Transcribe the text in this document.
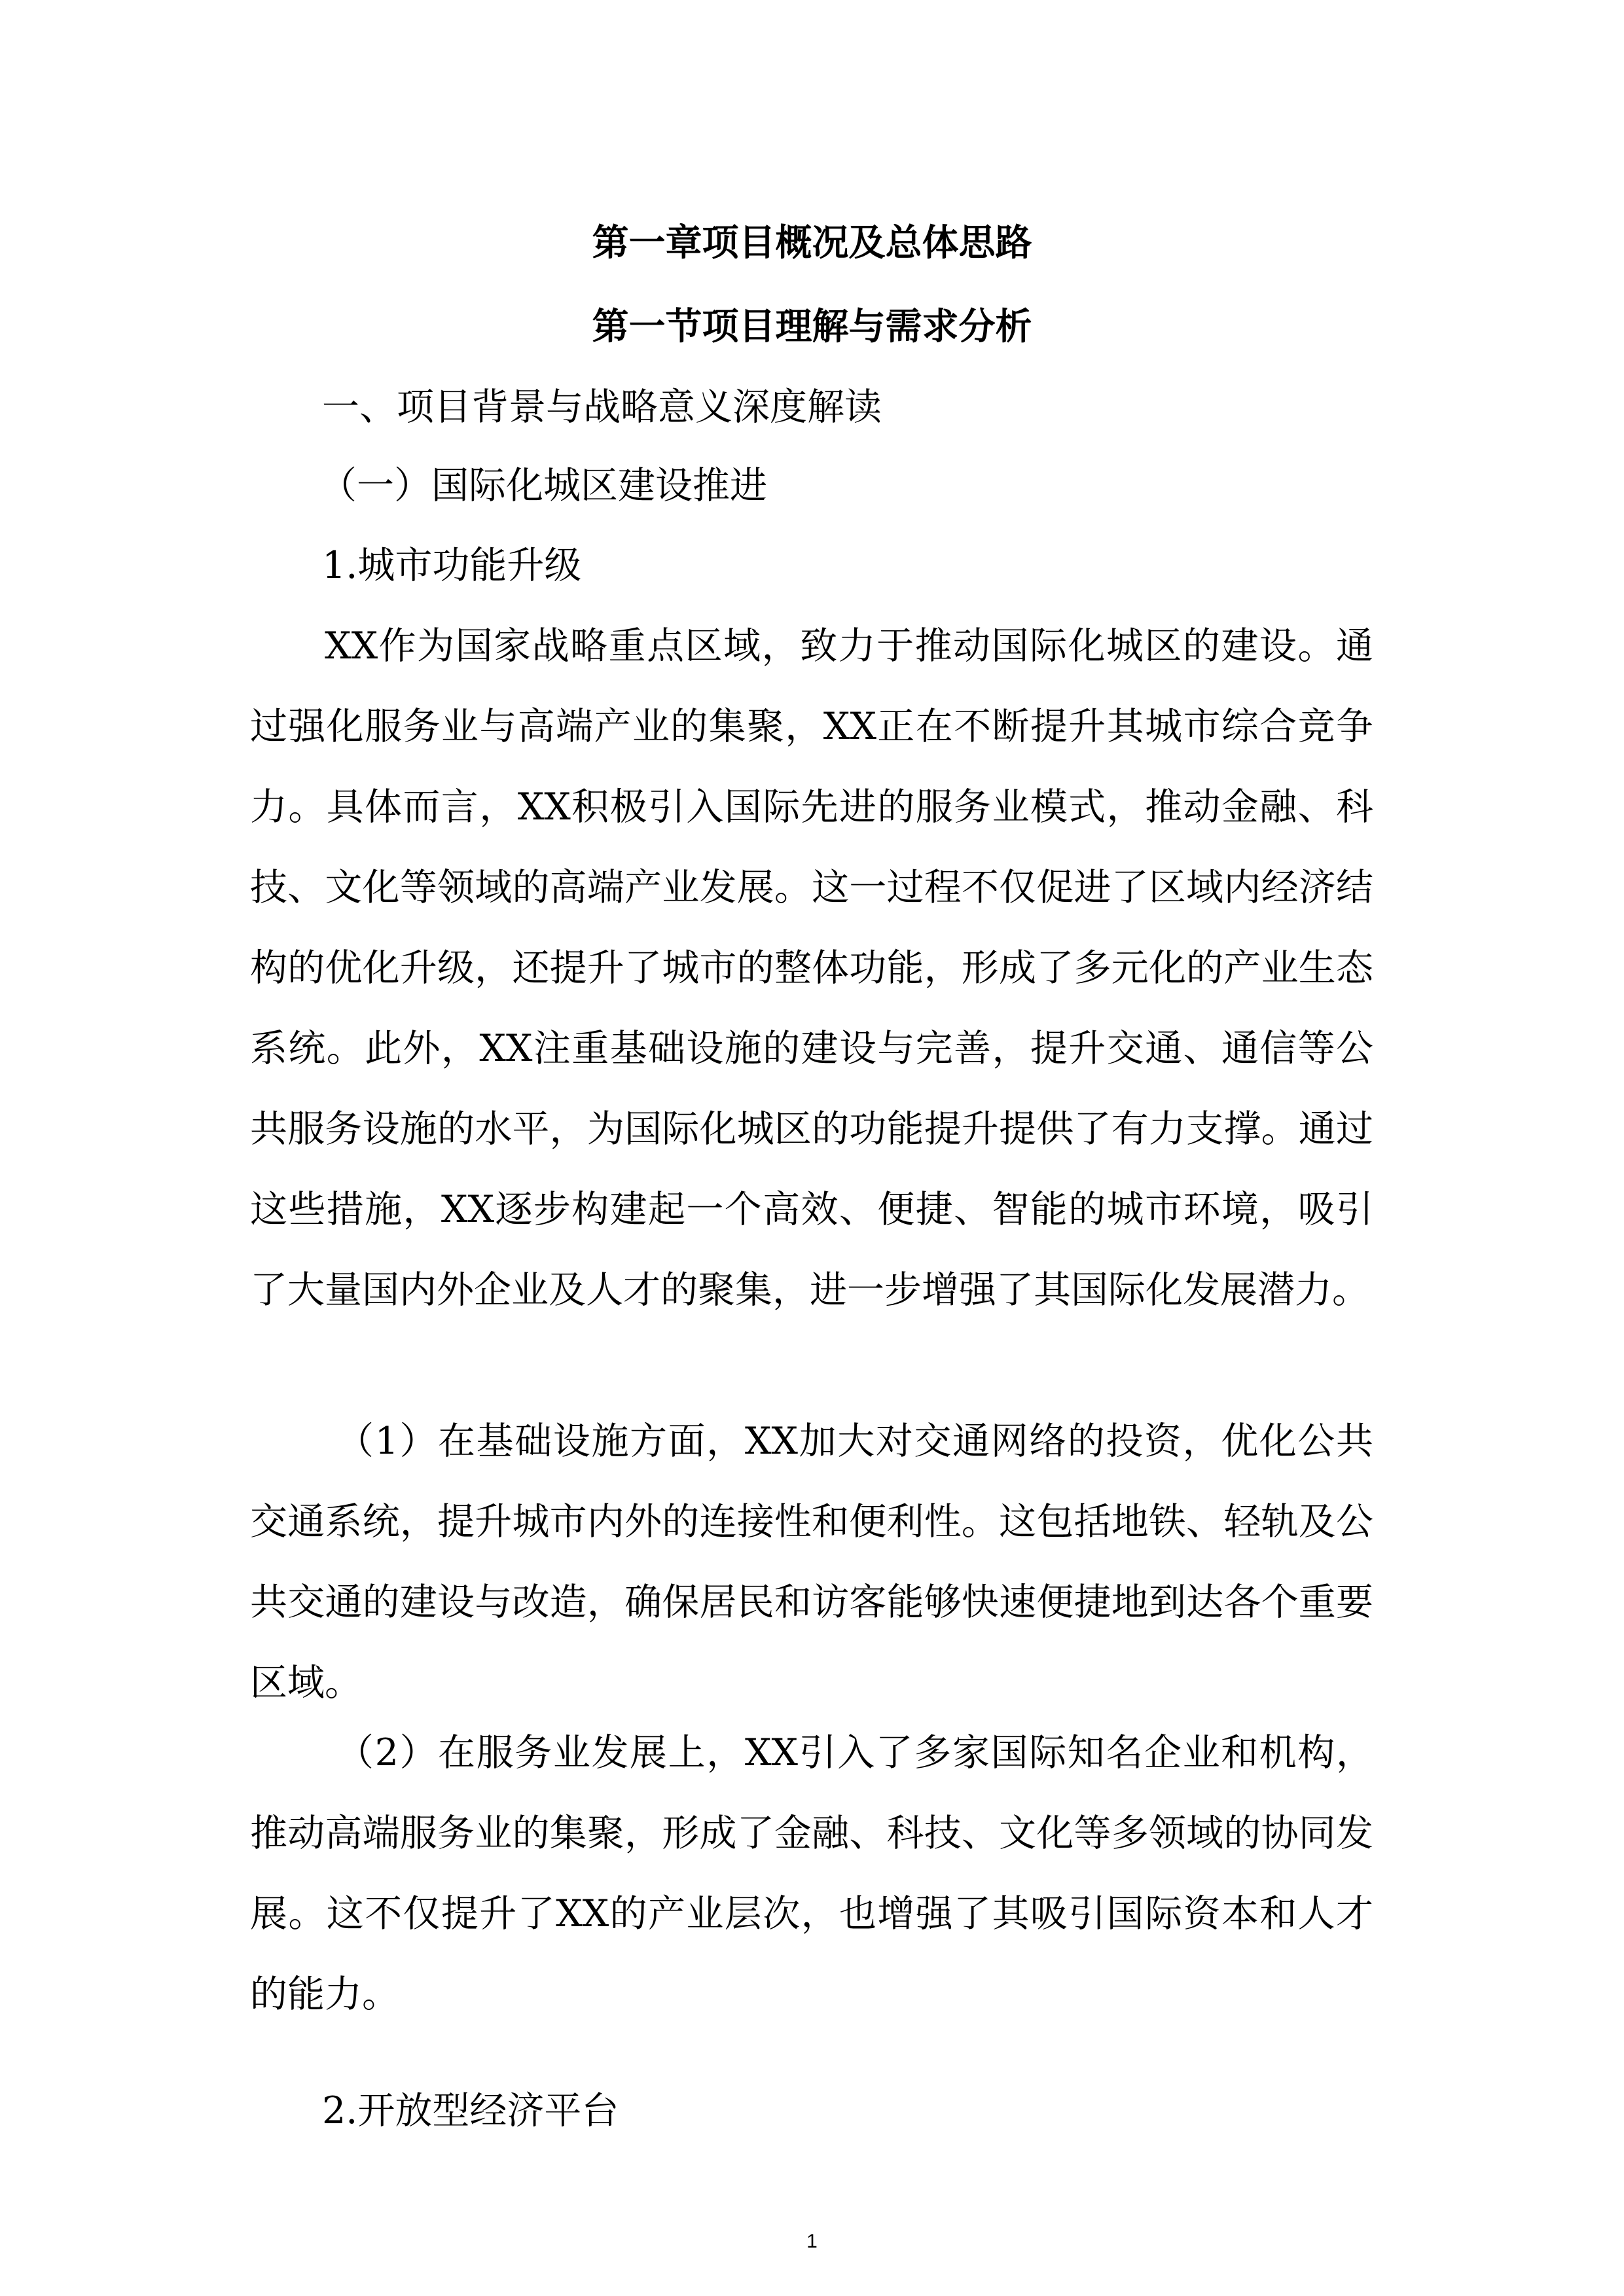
第一章项目概况及总体思路
第一节项目理解与需求分析

一、项目背景与战略意义深度解读

（一）国际化城区建设推进

1.城市功能升级

XX作为国家战略重点区域，致力于推动国际化城区的建设。通过强化服务业与高端产业的集聚，XX正在不断提升其城市综合竞争力。具体而言，XX积极引入国际先进的服务业模式，推动金融、科技、文化等领域的高端产业发展。这一过程不仅促进了区域内经济结构的优化升级，还提升了城市的整体功能，形成了多元化的产业生态系统。此外，XX注重基础设施的建设与完善，提升交通、通信等公共服务设施的水平，为国际化城区的功能提升提供了有力支撑。通过这些措施，XX逐步构建起一个高效、便捷、智能的城市环境，吸引了大量国内外企业及人才的聚集，进一步增强了其国际化发展潜力。

（1）在基础设施方面，XX加大对交通网络的投资，优化公共交通系统，提升城市内外的连接性和便利性。这包括地铁、轻轨及公共交通的建设与改造，确保居民和访客能够快速便捷地到达各个重要区域。

（2）在服务业发展上，XX引入了多家国际知名企业和机构，推动高端服务业的集聚，形成了金融、科技、文化等多领域的协同发展。这不仅提升了XX的产业层次，也增强了其吸引国际资本和人才的能力。

2.开放型经济平台

1
